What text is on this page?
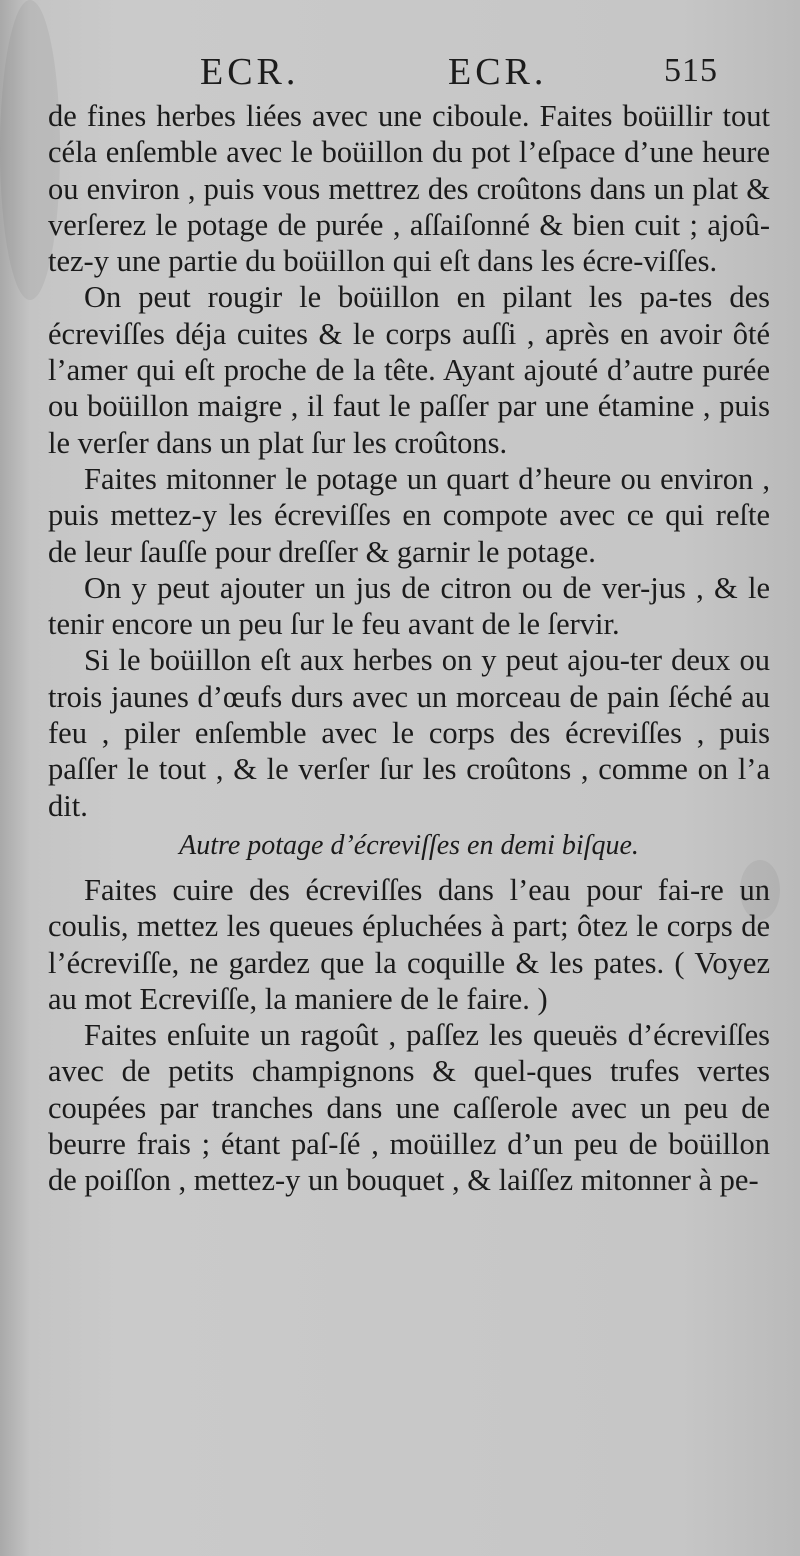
ECR.	ECR.	515

de fines herbes liées avec une ciboule. Faites boüillir tout céla enſemble avec le boüillon du pot l’eſpace d’une heure ou environ , puis vous mettrez des croûtons dans un plat & verſerez le potage de purée , aſſaiſonné & bien cuit ; ajoû-tez-y une partie du boüillon qui eſt dans les écre-viſſes.

On peut rougir le boüillon en pilant les pa-tes des écreviſſes déja cuites & le corps auſſi , après en avoir ôté l’amer qui eſt proche de la tête. Ayant ajouté d’autre purée ou boüillon maigre , il faut le paſſer par une étamine , puis le verſer dans un plat ſur les croûtons.

Faites mitonner le potage un quart d’heure ou environ , puis mettez-y les écreviſſes en compote avec ce qui reſte de leur ſauſſe pour dreſſer & garnir le potage.

On y peut ajouter un jus de citron ou de ver-jus , & le tenir encore un peu ſur le feu avant de le ſervir.

Si le boüillon eſt aux herbes on y peut ajou-ter deux ou trois jaunes d’œufs durs avec un morceau de pain ſéché au feu , piler enſemble avec le corps des écreviſſes , puis paſſer le tout , & le verſer ſur les croûtons , comme on l’a dit.

Autre potage d’écreviſſes en demi biſque.

Faites cuire des écreviſſes dans l’eau pour fai-re un coulis, mettez les queues épluchées à part; ôtez le corps de l’écreviſſe, ne gardez que la coquille & les pates. ( Voyez au mot Ecreviſſe, la maniere de le faire. )

Faites enſuite un ragoût , paſſez les queuës d’écreviſſes avec de petits champignons & quel-ques trufes vertes coupées par tranches dans une caſſerole avec un peu de beurre frais ; étant paſ-ſé , moüillez d’un peu de boüillon de poiſſon , mettez-y un bouquet , & laiſſez mitonner à pe-
